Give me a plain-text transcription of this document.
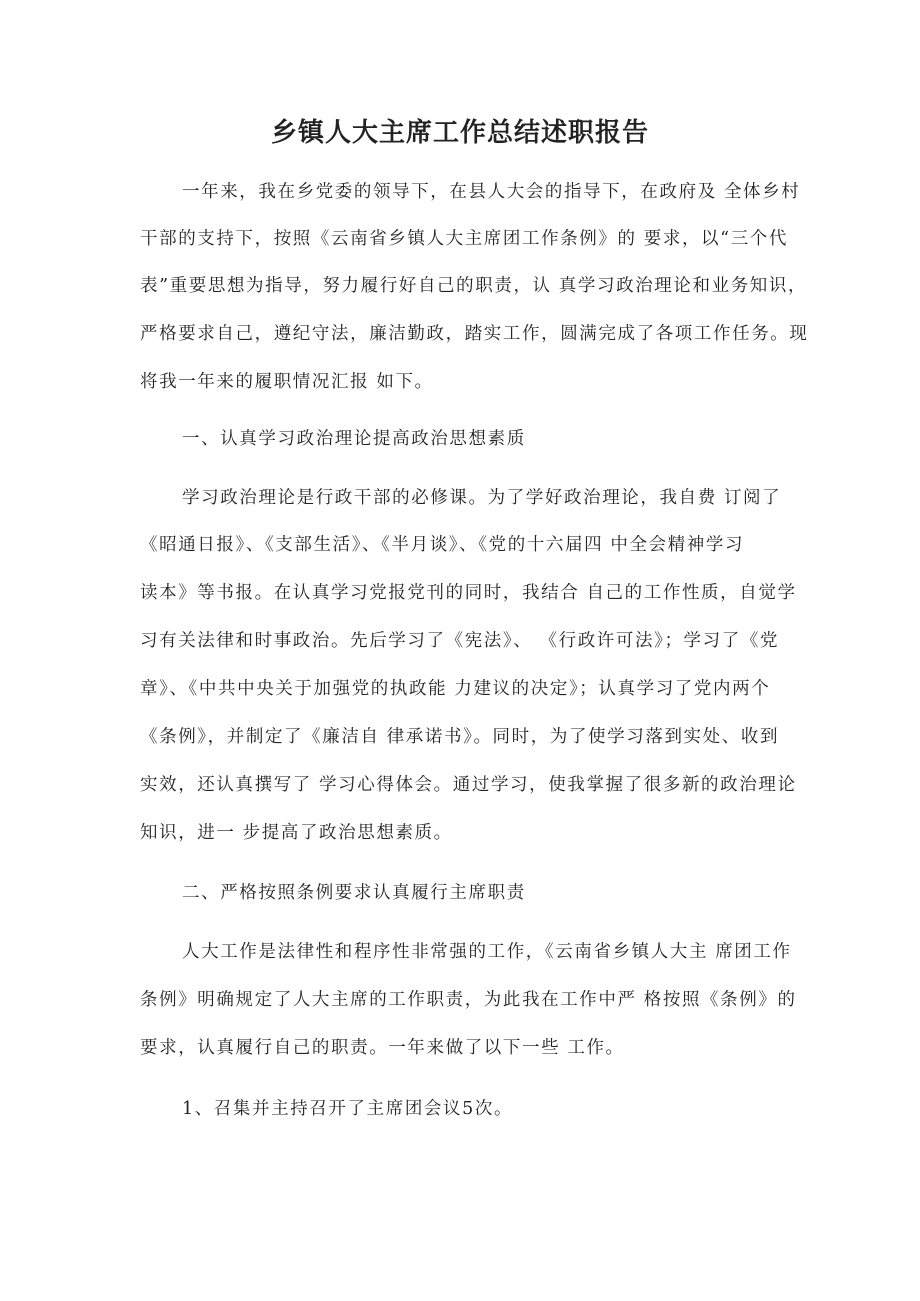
乡镇人大主席工作总结述职报告

一年来，我在乡党委的领导下，在县人大会的指导下，在政府及 全体乡村

干部的支持下，按照《云南省乡镇人大主席团工作条例》的 要求，以“三个代

表”重要思想为指导，努力履行好自己的职责，认 真学习政治理论和业务知识，

严格要求自己，遵纪守法，廉洁勤政，踏实工作，圆满完成了各项工作任务。现

将我一年来的履职情况汇报 如下。

一、认真学习政治理论提高政治思想素质

学习政治理论是行政干部的必修课。为了学好政治理论，我自费 订阅了

《昭通日报》、《支部生活》、《半月谈》、《党的十六届四 中全会精神学习

读本》等书报。在认真学习党报党刊的同时，我结合 自己的工作性质，自觉学

习有关法律和时事政治。先后学习了《宪法》、 《行政许可法》；学习了《党

章》、《中共中央关于加强党的执政能 力建议的决定》；认真学习了党内两个

《条例》，并制定了《廉洁自 律承诺书》。同时，为了使学习落到实处、收到

实效，还认真撰写了 学习心得体会。通过学习，使我掌握了很多新的政治理论

知识，进一 步提高了政治思想素质。

二、严格按照条例要求认真履行主席职责

人大工作是法律性和程序性非常强的工作，《云南省乡镇人大主 席团工作

条例》明确规定了人大主席的工作职责，为此我在工作中严 格按照《条例》的

要求，认真履行自己的职责。一年来做了以下一些 工作。

1、召集并主持召开了主席团会议5次。
